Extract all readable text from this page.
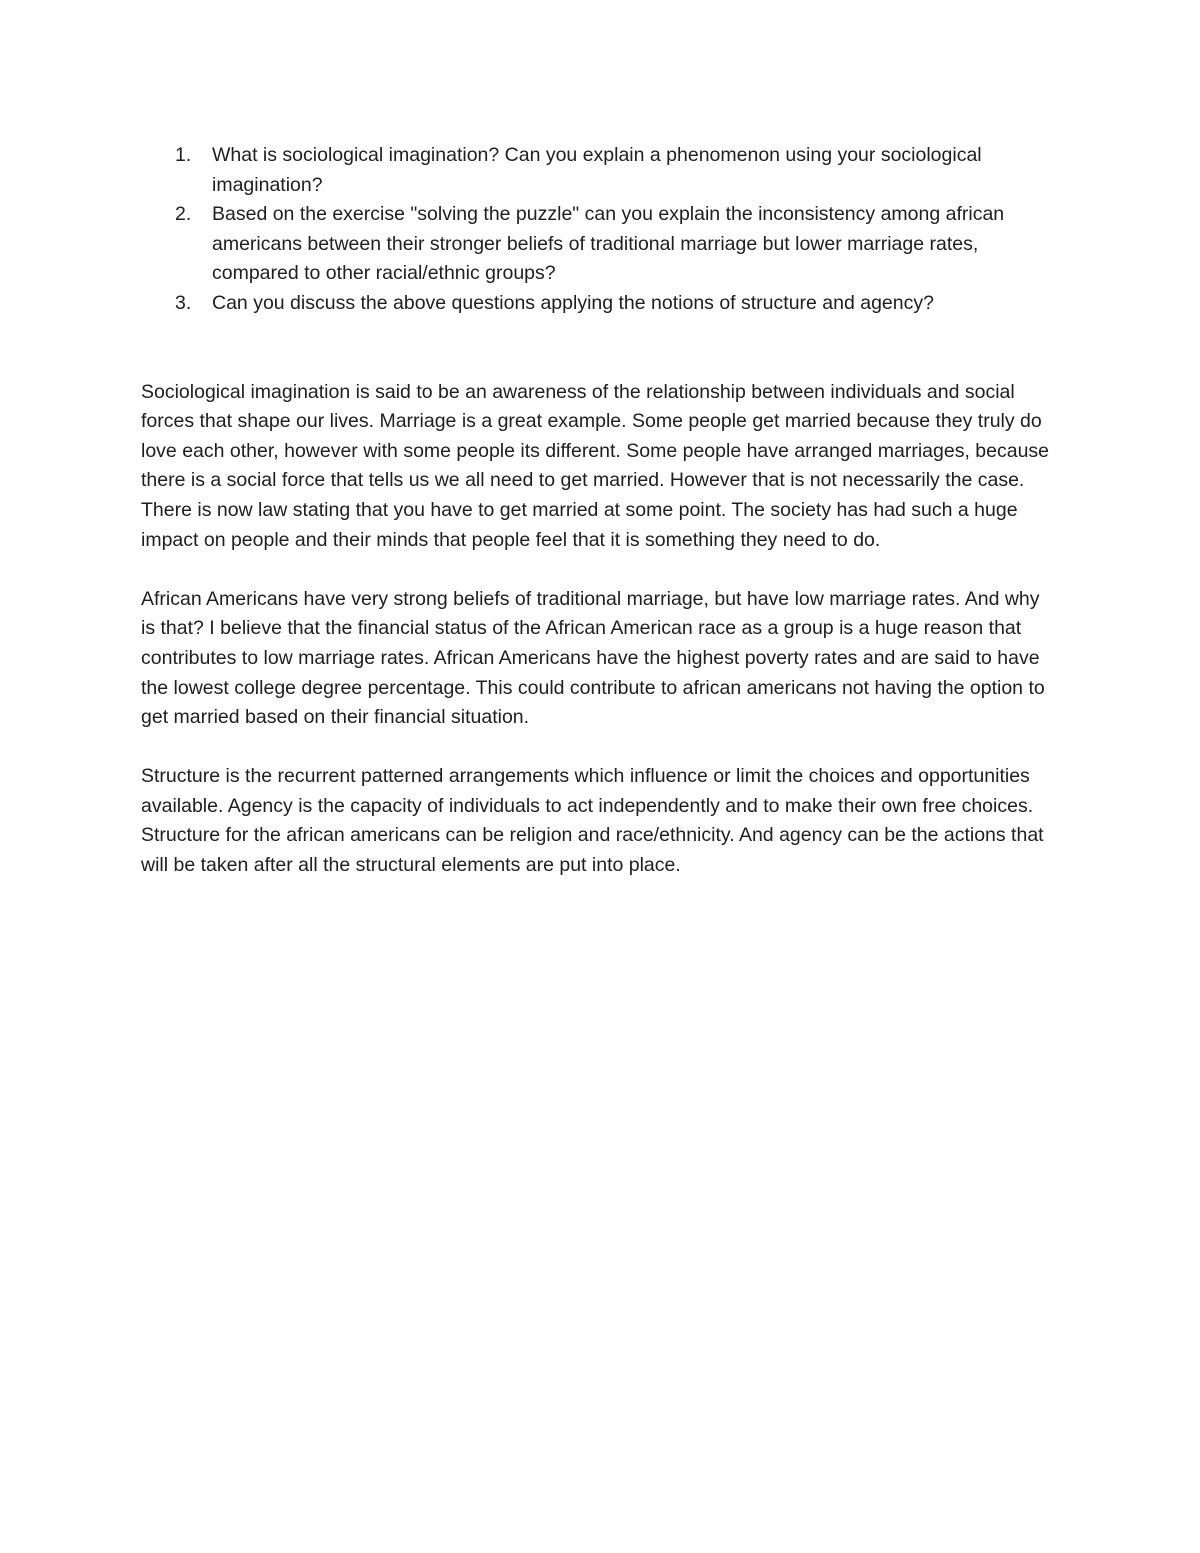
1. What is sociological imagination? Can you explain a phenomenon using your sociological imagination?
2. Based on the exercise "solving the puzzle" can you explain the inconsistency among african americans between their stronger beliefs of traditional marriage but lower marriage rates, compared to other racial/ethnic groups?
3. Can you discuss the above questions applying the notions of structure and agency?

Sociological imagination is said to be an awareness of the relationship between individuals and social forces that shape our lives. Marriage is a great example. Some people get married because they truly do love each other, however with some people its different. Some people have arranged marriages, because there is a social force that tells us we all need to get married. However that is not necessarily the case. There is now law stating that you have to get married at some point. The society has had such a huge impact on people and their minds that people feel that it is something they need to do.

African Americans have very strong beliefs of traditional marriage, but have low marriage rates. And why is that? I believe that the financial status of the African American race as a group is a huge reason that contributes to low marriage rates. African Americans have the highest poverty rates and are said to have the lowest college degree percentage. This could contribute to african americans not having the option to get married based on their financial situation.

Structure is the recurrent patterned arrangements which influence or limit the choices and opportunities available. Agency is the capacity of individuals to act independently and to make their own free choices. Structure for the african americans can be religion and race/ethnicity. And agency can be the actions that will be taken after all the structural elements are put into place.
